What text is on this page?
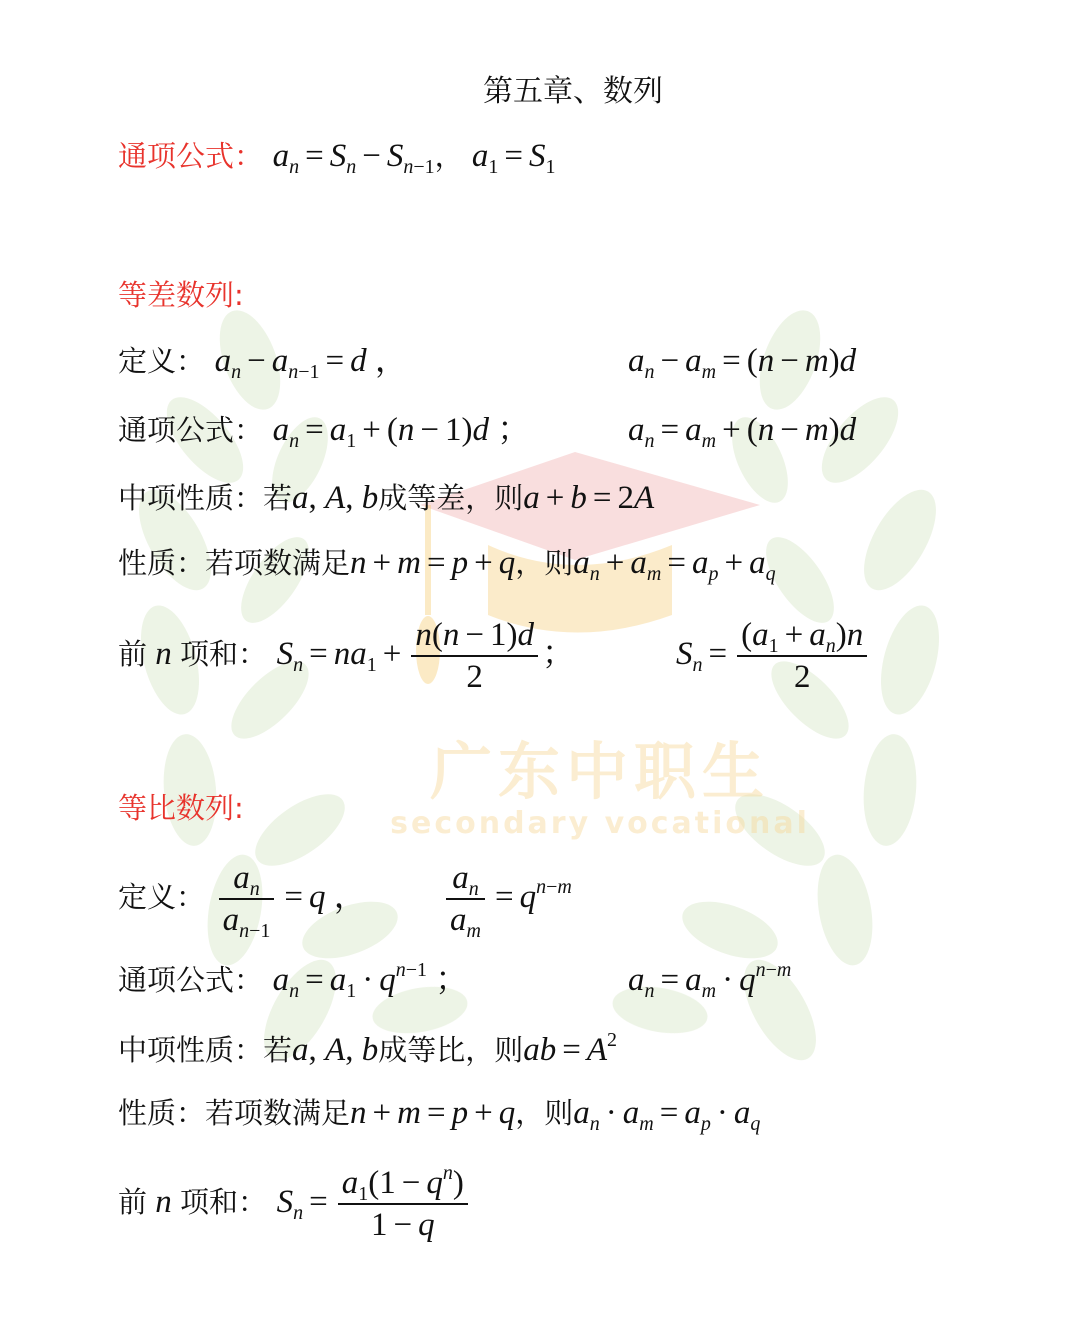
广东中职生
secondary vocational
第五章、数列
通项公式： $a_n = S_n - S_{n-1}$， $a_1 = S_1$
等差数列:
定义： $a_n - a_{n-1} = d$ ，	$a_n - a_m = (n - m)d$
通项公式： $a_n = a_1 + (n - 1)d$ ；	$a_n = a_m + (n - m)d$
中项性质：若a, A, b成等差，则a + b = 2A
性质：若项数满足n + m = p + q，则$a_n + a_m = a_p + a_q$
前 n 项和： $S_n = na_1 + \frac{n(n - 1)d}{2}$ ；	$S_n = \frac{(a_1 + a_n)n}{2}$
等比数列:
定义： $\frac{a_n}{a_{n-1}} = q$ ， $\frac{a_n}{a_m} = q^{n-m}$
通项公式： $a_n = a_1 \cdot q^{n-1}$ ；	$a_n = a_m \cdot q^{n-m}$
中项性质：若a, A, b成等比，则ab = $A^2$
性质：若项数满足n + m = p + q，则$a_n \cdot a_m = a_p \cdot a_q$
前 n 项和： $S_n = \frac{a_1(1 - q^n)}{1 - q}$
